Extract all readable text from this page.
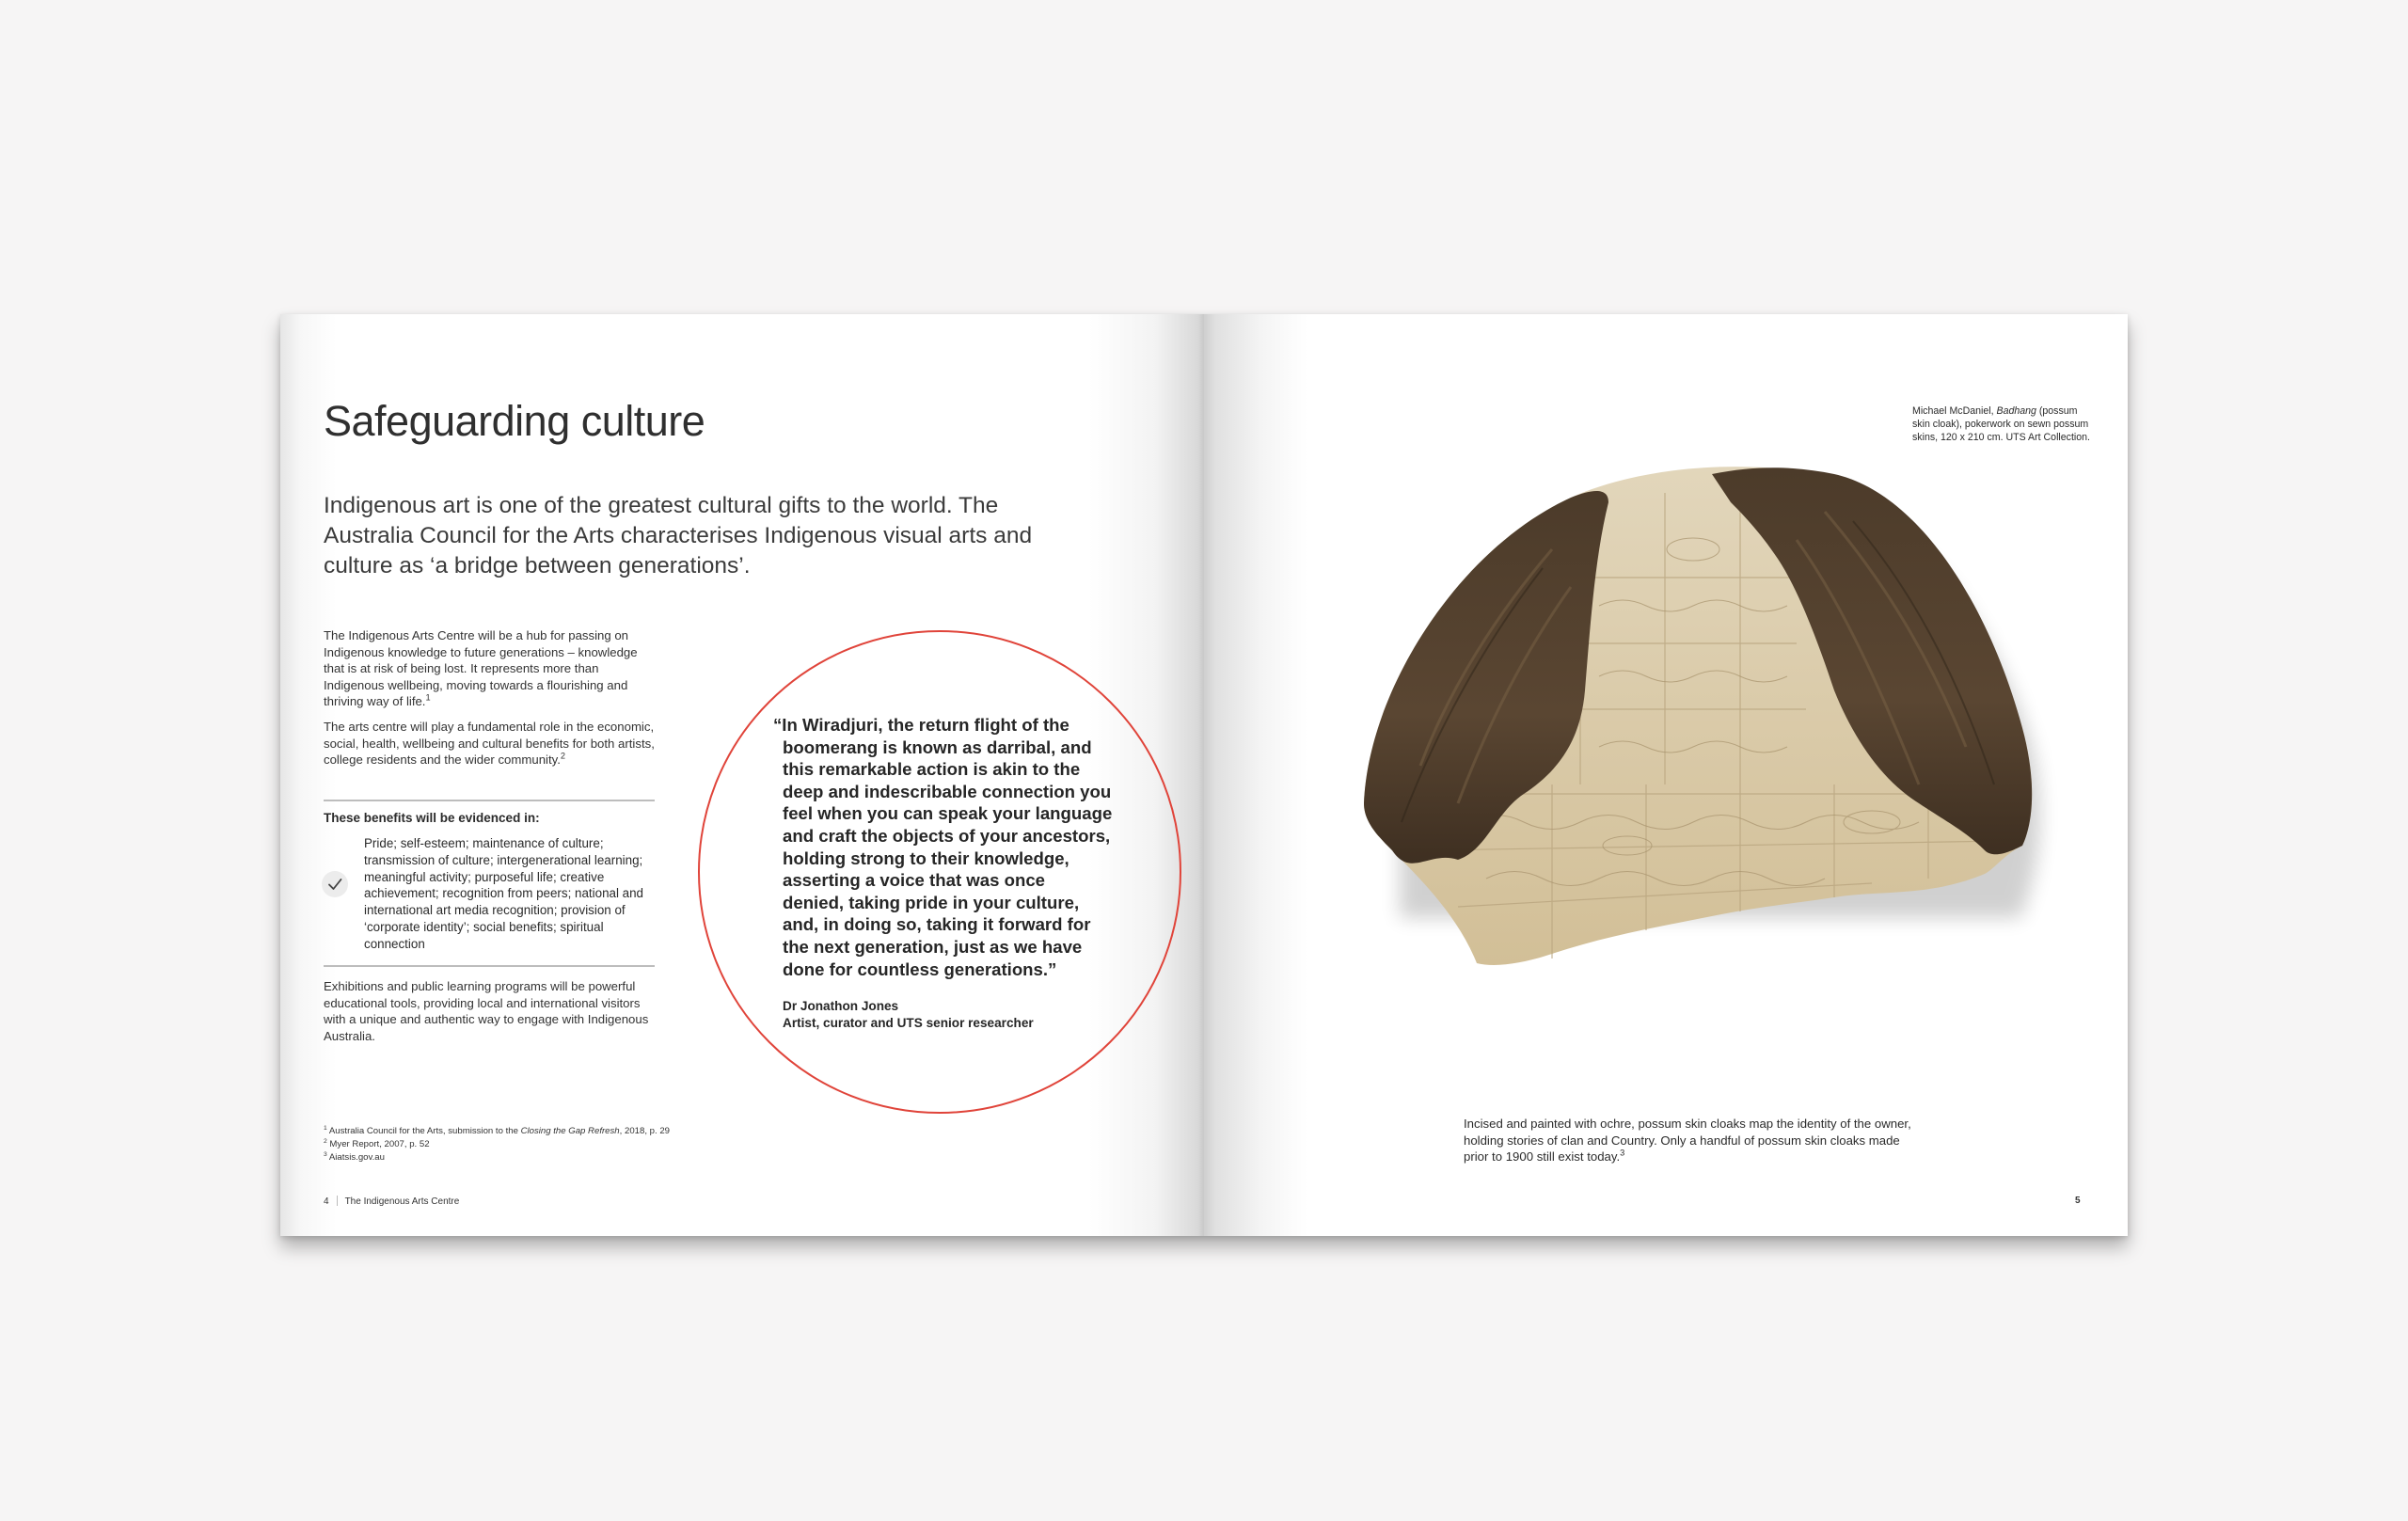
Safeguarding culture
Indigenous art is one of the greatest cultural gifts to the world. The Australia Council for the Arts characterises Indigenous visual arts and culture as ‘a bridge between generations’.
The Indigenous Arts Centre will be a hub for passing on Indigenous knowledge to future generations – knowledge that is at risk of being lost. It represents more than Indigenous wellbeing, moving towards a flourishing and thriving way of life.$^1$
The arts centre will play a fundamental role in the economic, social, health, wellbeing and cultural benefits for both artists, college residents and the wider community.$^2$
These benefits will be evidenced in:
Pride; self-esteem; maintenance of culture; transmission of culture; intergenerational learning; meaningful activity; purposeful life; creative achievement; recognition from peers; national and international art media recognition; provision of ‘corporate identity’; social benefits; spiritual connection
Exhibitions and public learning programs will be powerful educational tools, providing local and international visitors with a unique and authentic way to engage with Indigenous Australia.
$^1$ Australia Council for the Arts, submission to the Closing the Gap Refresh, 2018, p. 29
$^2$ Myer Report, 2007, p. 52
$^3$ Aiatsis.gov.au
4 The Indigenous Arts Centre
“In Wiradjuri, the return flight of the
boomerang is known as darribal, and
this remarkable action is akin to the
deep and indescribable connection you
feel when you can speak your language
and craft the objects of your ancestors,
holding strong to their knowledge,
asserting a voice that was once
denied, taking pride in your culture,
and, in doing so, taking it forward for
the next generation, just as we have
done for countless generations.”
Dr Jonathon Jones
Artist, curator and UTS senior researcher
Michael McDaniel, Badhang (possum skin cloak), pokerwork on sewn possum skins, 120 x 210 cm. UTS Art Collection.
Incised and painted with ochre, possum skin cloaks map the identity of the owner, holding stories of clan and Country. Only a handful of possum skin cloaks made prior to 1900 still exist today.$^3$
5
